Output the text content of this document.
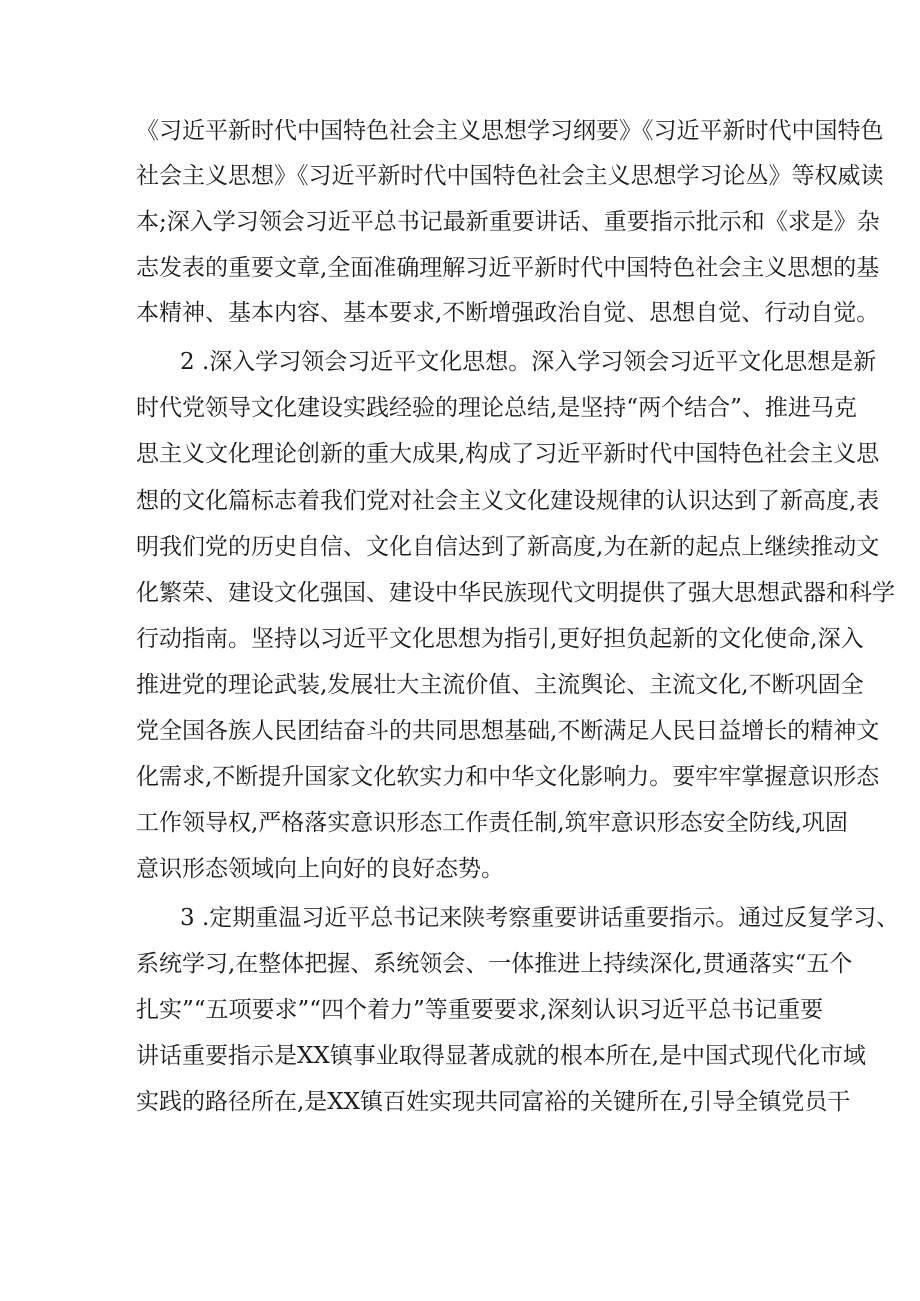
《习近平新时代中国特色社会主义思想学习纲要》《习近平新时代中国特色
社会主义思想》《习近平新时代中国特色社会主义思想学习论丛》等权威读
本;深入学习领会习近平总书记最新重要讲话、重要指示批示和《求是》杂
志发表的重要文章,全面准确理解习近平新时代中国特色社会主义思想的基
本精神、基本内容、基本要求,不断增强政治自觉、思想自觉、行动自觉。
2 .深入学习领会习近平文化思想。深入学习领会习近平文化思想是新
时代党领导文化建设实践经验的理论总结,是坚持“两个结合”、推进马克
思主义文化理论创新的重大成果,构成了习近平新时代中国特色社会主义思
想的文化篇标志着我们党对社会主义文化建设规律的认识达到了新高度,表
明我们党的历史自信、文化自信达到了新高度,为在新的起点上继续推动文
化繁荣、建设文化强国、建设中华民族现代文明提供了强大思想武器和科学
行动指南。坚持以习近平文化思想为指引,更好担负起新的文化使命,深入
推进党的理论武装,发展壮大主流价值、主流舆论、主流文化,不断巩固全
党全国各族人民团结奋斗的共同思想基础,不断满足人民日益增长的精神文
化需求,不断提升国家文化软实力和中华文化影响力。要牢牢掌握意识形态
工作领导权,严格落实意识形态工作责任制,筑牢意识形态安全防线,巩固
意识形态领域向上向好的良好态势。
3 .定期重温习近平总书记来陕考察重要讲话重要指示。通过反复学习、
系统学习,在整体把握、系统领会、一体推进上持续深化,贯通落实“五个
扎实”“五项要求”“四个着力”等重要要求,深刻认识习近平总书记重要
讲话重要指示是XX镇事业取得显著成就的根本所在,是中国式现代化市域
实践的路径所在,是XX镇百姓实现共同富裕的关键所在,引导全镇党员干
